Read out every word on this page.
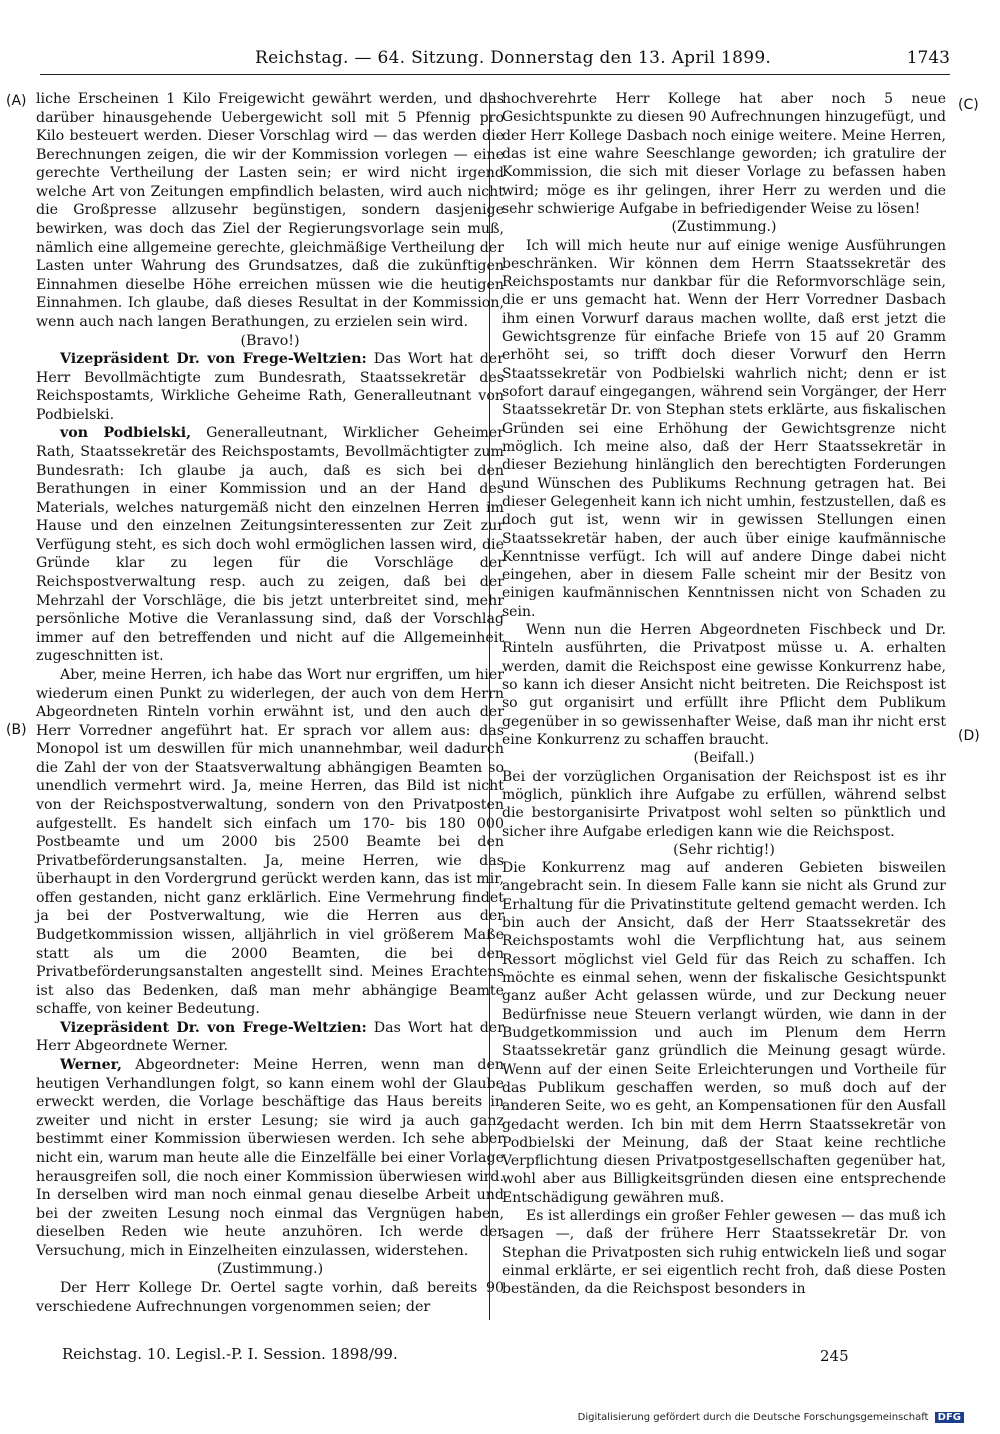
Reichstag. — 64. Sitzung. Donnerstag den 13. April 1899.	1743
(A)
(B)
(C)
(D)

liche Erscheinen 1 Kilo Freigewicht gewährt werden, und das darüber hinausgehende Uebergewicht soll mit 5 Pfennig pro Kilo besteuert werden. Dieser Vorschlag wird — das werden die Berechnungen zeigen, die wir der Kommission vorlegen — eine gerechte Vertheilung der Lasten sein; er wird nicht irgend welche Art von Zeitungen empfindlich belasten, wird auch nicht die Großpresse allzusehr begünstigen, sondern dasjenige bewirken, was doch das Ziel der Regierungsvorlage sein muß, nämlich eine allgemeine gerechte, gleichmäßige Vertheilung der Lasten unter Wahrung des Grundsatzes, daß die zukünftigen Einnahmen dieselbe Höhe erreichen müssen wie die heutigen Einnahmen. Ich glaube, daß dieses Resultat in der Kommission, wenn auch nach langen Berathungen, zu erzielen sein wird.

(Bravo!)

Vizepräsident Dr. von Frege-Weltzien: Das Wort hat der Herr Bevollmächtigte zum Bundesrath, Staatssekretär des Reichspostamts, Wirkliche Geheime Rath, Generalleutnant von Podbielski.

von Podbielski, Generalleutnant, Wirklicher Geheimer Rath, Staatssekretär des Reichspostamts, Bevollmächtigter zum Bundesrath: Ich glaube ja auch, daß es sich bei den Berathungen in einer Kommission und an der Hand des Materials, welches naturgemäß nicht den einzelnen Herren im Hause und den einzelnen Zeitungsinteressenten zur Zeit zur Verfügung steht, es sich doch wohl ermöglichen lassen wird, die Gründe klar zu legen für die Vorschläge der Reichspostverwaltung resp. auch zu zeigen, daß bei der Mehrzahl der Vorschläge, die bis jetzt unterbreitet sind, mehr persönliche Motive die Veranlassung sind, daß der Vorschlag immer auf den betreffenden und nicht auf die Allgemeinheit zugeschnitten ist.

Aber, meine Herren, ich habe das Wort nur ergriffen, um hier wiederum einen Punkt zu widerlegen, der auch von dem Herrn Abgeordneten Rinteln vorhin erwähnt ist, und den auch der Herr Vorredner angeführt hat. Er sprach vor allem aus: das Monopol ist um deswillen für mich unannehmbar, weil dadurch die Zahl der von der Staatsverwaltung abhängigen Beamten so unendlich vermehrt wird. Ja, meine Herren, das Bild ist nicht von der Reichspostverwaltung, sondern von den Privatposten aufgestellt. Es handelt sich einfach um 170- bis 180 000 Postbeamte und um 2000 bis 2500 Beamte bei den Privatbeförderungsanstalten. Ja, meine Herren, wie das überhaupt in den Vordergrund gerückt werden kann, das ist mir, offen gestanden, nicht ganz erklärlich. Eine Vermehrung findet ja bei der Postverwaltung, wie die Herren aus der Budgetkommission wissen, alljährlich in viel größerem Maße statt als um die 2000 Beamten, die bei den Privatbeförderungsanstalten angestellt sind. Meines Erachtens ist also das Bedenken, daß man mehr abhängige Beamte schaffe, von keiner Bedeutung.

Vizepräsident Dr. von Frege-Weltzien: Das Wort hat der Herr Abgeordnete Werner.

Werner, Abgeordneter: Meine Herren, wenn man den heutigen Verhandlungen folgt, so kann einem wohl der Glaube erweckt werden, die Vorlage beschäftige das Haus bereits in zweiter und nicht in erster Lesung; sie wird ja auch ganz bestimmt einer Kommission überwiesen werden. Ich sehe aber nicht ein, warum man heute alle die Einzelfälle bei einer Vorlage herausgreifen soll, die noch einer Kommission überwiesen wird. In derselben wird man noch einmal genau dieselbe Arbeit und bei der zweiten Lesung noch einmal das Vergnügen haben, dieselben Reden wie heute anzuhören. Ich werde der Versuchung, mich in Einzelheiten einzulassen, widerstehen.

(Zustimmung.)

Der Herr Kollege Dr. Oertel sagte vorhin, daß bereits 90 verschiedene Aufrechnungen vorgenommen seien; der

hochverehrte Herr Kollege hat aber noch 5 neue Gesichtspunkte zu diesen 90 Aufrechnungen hinzugefügt, und der Herr Kollege Dasbach noch einige weitere. Meine Herren, das ist eine wahre Seeschlange geworden; ich gratulire der Kommission, die sich mit dieser Vorlage zu befassen haben wird; möge es ihr gelingen, ihrer Herr zu werden und die sehr schwierige Aufgabe in befriedigender Weise zu lösen!

(Zustimmung.)

Ich will mich heute nur auf einige wenige Ausführungen beschränken. Wir können dem Herrn Staatssekretär des Reichspostamts nur dankbar für die Reformvorschläge sein, die er uns gemacht hat. Wenn der Herr Vorredner Dasbach ihm einen Vorwurf daraus machen wollte, daß erst jetzt die Gewichtsgrenze für einfache Briefe von 15 auf 20 Gramm erhöht sei, so trifft doch dieser Vorwurf den Herrn Staatssekretär von Podbielski wahrlich nicht; denn er ist sofort darauf eingegangen, während sein Vorgänger, der Herr Staatssekretär Dr. von Stephan stets erklärte, aus fiskalischen Gründen sei eine Erhöhung der Gewichtsgrenze nicht möglich. Ich meine also, daß der Herr Staatssekretär in dieser Beziehung hinlänglich den berechtigten Forderungen und Wünschen des Publikums Rechnung getragen hat. Bei dieser Gelegenheit kann ich nicht umhin, festzustellen, daß es doch gut ist, wenn wir in gewissen Stellungen einen Staatssekretär haben, der auch über einige kaufmännische Kenntnisse verfügt. Ich will auf andere Dinge dabei nicht eingehen, aber in diesem Falle scheint mir der Besitz von einigen kaufmännischen Kenntnissen nicht von Schaden zu sein.

Wenn nun die Herren Abgeordneten Fischbeck und Dr. Rinteln ausführten, die Privatpost müsse u. A. erhalten werden, damit die Reichspost eine gewisse Konkurrenz habe, so kann ich dieser Ansicht nicht beitreten. Die Reichspost ist so gut organisirt und erfüllt ihre Pflicht dem Publikum gegenüber in so gewissenhafter Weise, daß man ihr nicht erst eine Konkurrenz zu schaffen braucht.

(Beifall.)

Bei der vorzüglichen Organisation der Reichspost ist es ihr möglich, pünklich ihre Aufgabe zu erfüllen, während selbst die bestorganisirte Privatpost wohl selten so pünktlich und sicher ihre Aufgabe erledigen kann wie die Reichspost.

(Sehr richtig!)

Die Konkurrenz mag auf anderen Gebieten bisweilen angebracht sein. In diesem Falle kann sie nicht als Grund zur Erhaltung für die Privatinstitute geltend gemacht werden. Ich bin auch der Ansicht, daß der Herr Staatssekretär des Reichspostamts wohl die Verpflichtung hat, aus seinem Ressort möglichst viel Geld für das Reich zu schaffen. Ich möchte es einmal sehen, wenn der fiskalische Gesichtspunkt ganz außer Acht gelassen würde, und zur Deckung neuer Bedürfnisse neue Steuern verlangt würden, wie dann in der Budgetkommission und auch im Plenum dem Herrn Staatssekretär ganz gründlich die Meinung gesagt würde. Wenn auf der einen Seite Erleichterungen und Vortheile für das Publikum geschaffen werden, so muß doch auf der anderen Seite, wo es geht, an Kompensationen für den Ausfall gedacht werden. Ich bin mit dem Herrn Staatssekretär von Podbielski der Meinung, daß der Staat keine rechtliche Verpflichtung diesen Privatpostgesellschaften gegenüber hat, wohl aber aus Billigkeitsgründen diesen eine entsprechende Entschädigung gewähren muß.

Es ist allerdings ein großer Fehler gewesen — das muß ich sagen —, daß der frühere Herr Staatssekretär Dr. von Stephan die Privatposten sich ruhig entwickeln ließ und sogar einmal erklärte, er sei eigentlich recht froh, daß diese Posten beständen, da die Reichspost besonders in

Reichstag. 10. Legisl.-P. I. Session. 1898/99.	245
Digitalisierung gefördert durch die Deutsche Forschungsgemeinschaft DFG
